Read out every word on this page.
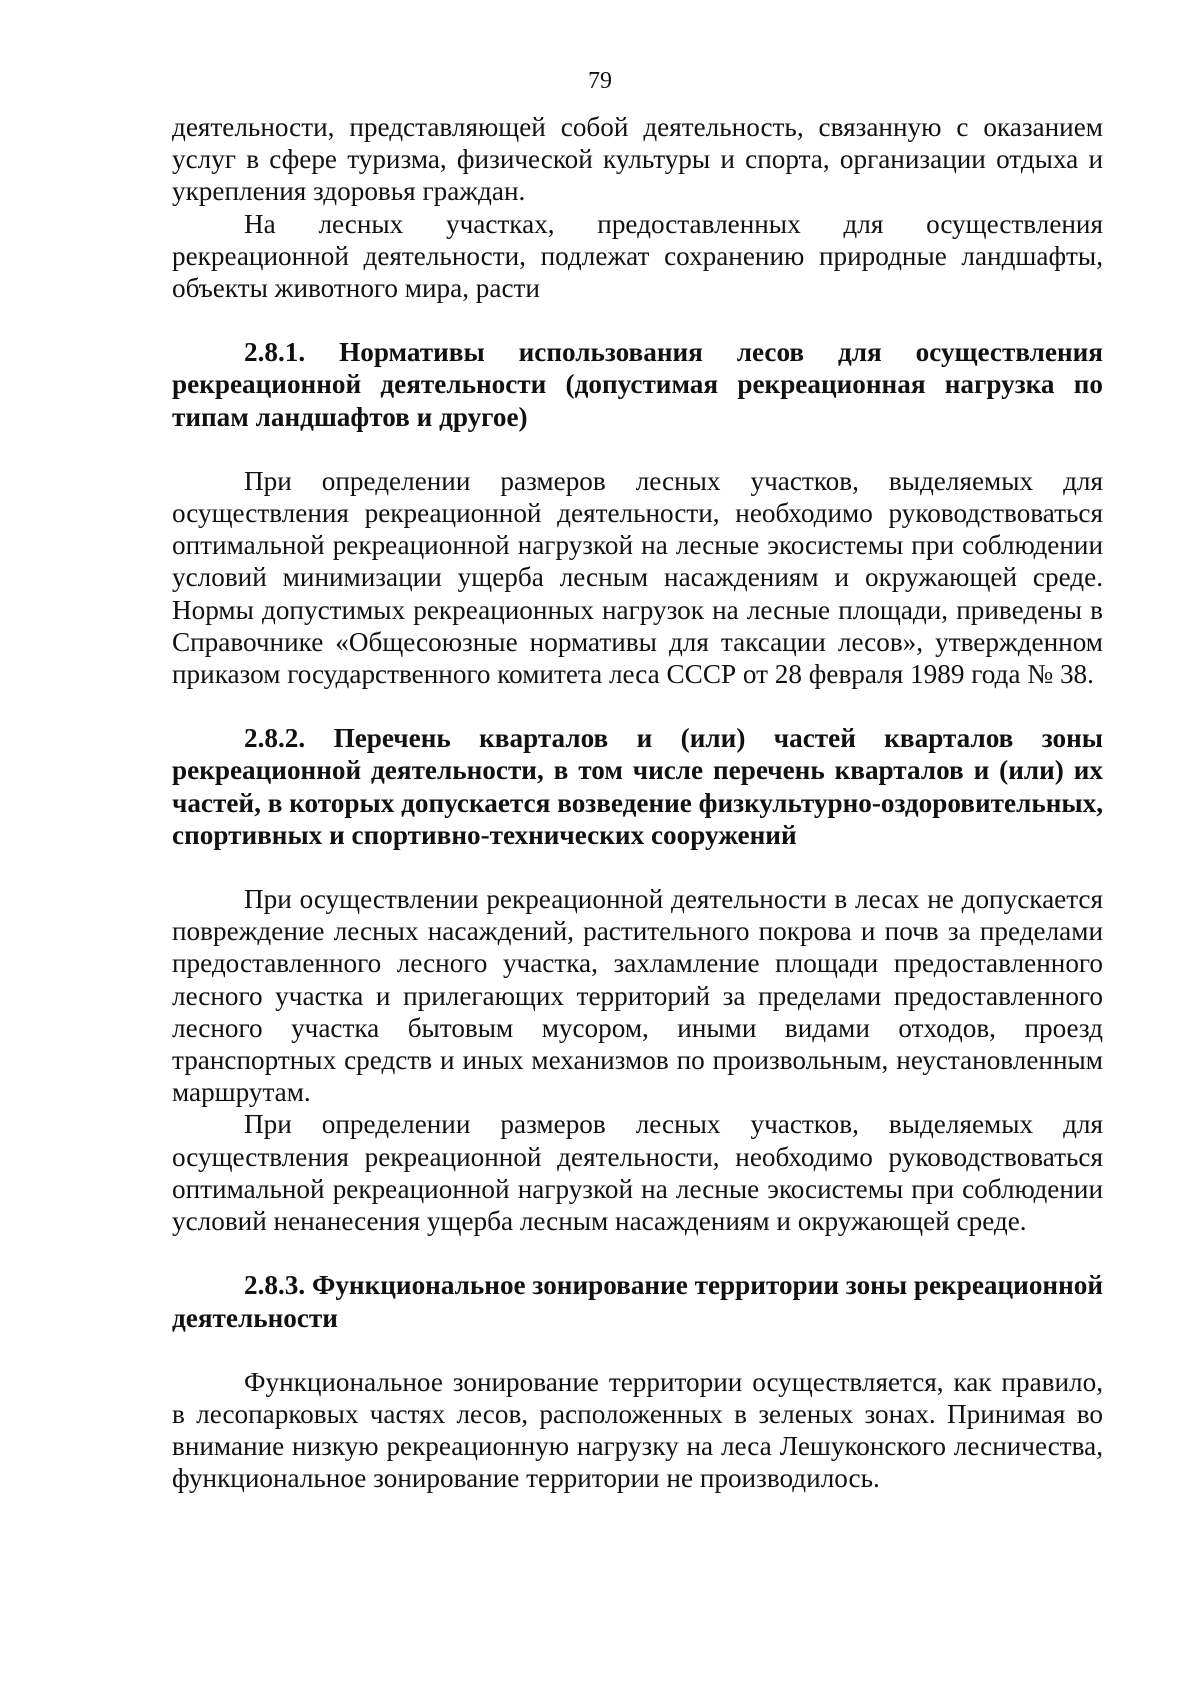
79

деятельности, представляющей собой деятельность, связанную с оказанием услуг в сфере туризма, физической культуры и спорта, организации отдыха и укрепления здоровья граждан.

На лесных участках, предоставленных для осуществления рекреационной деятельности, подлежат сохранению природные ландшафты, объекты животного мира, расти

2.8.1. Нормативы использования лесов для осуществления рекреационной деятельности (допустимая рекреационная нагрузка по типам ландшафтов и другое)

При определении размеров лесных участков, выделяемых для осуществления рекреационной деятельности, необходимо руководствоваться оптимальной рекреационной нагрузкой на лесные экосистемы при соблюдении условий минимизации ущерба лесным насаждениям и окружающей среде. Нормы допустимых рекреационных нагрузок на лесные площади, приведены в Справочнике «Общесоюзные нормативы для таксации лесов», утвержденном приказом государственного комитета леса СССР от 28 февраля 1989 года № 38.

2.8.2. Перечень кварталов и (или) частей кварталов зоны рекреационной деятельности, в том числе перечень кварталов и (или) их частей, в которых допускается возведение физкультурно-оздоровительных, спортивных и спортивно-технических сооружений

При осуществлении рекреационной деятельности в лесах не допускается повреждение лесных насаждений, растительного покрова и почв за пределами предоставленного лесного участка, захламление площади предоставленного лесного участка и прилегающих территорий за пределами предоставленного лесного участка бытовым мусором, иными видами отходов, проезд транспортных средств и иных механизмов по произвольным, неустановленным маршрутам.

При определении размеров лесных участков, выделяемых для осуществления рекреационной деятельности, необходимо руководствоваться оптимальной рекреационной нагрузкой на лесные экосистемы при соблюдении условий ненанесения ущерба лесным насаждениям и окружающей среде.

2.8.3. Функциональное зонирование территории зоны рекреационной деятельности

Функциональное зонирование территории осуществляется, как правило, в лесопарковых частях лесов, расположенных в зеленых зонах. Принимая во внимание низкую рекреационную нагрузку на леса Лешуконского лесничества, функциональное зонирование территории не производилось.
